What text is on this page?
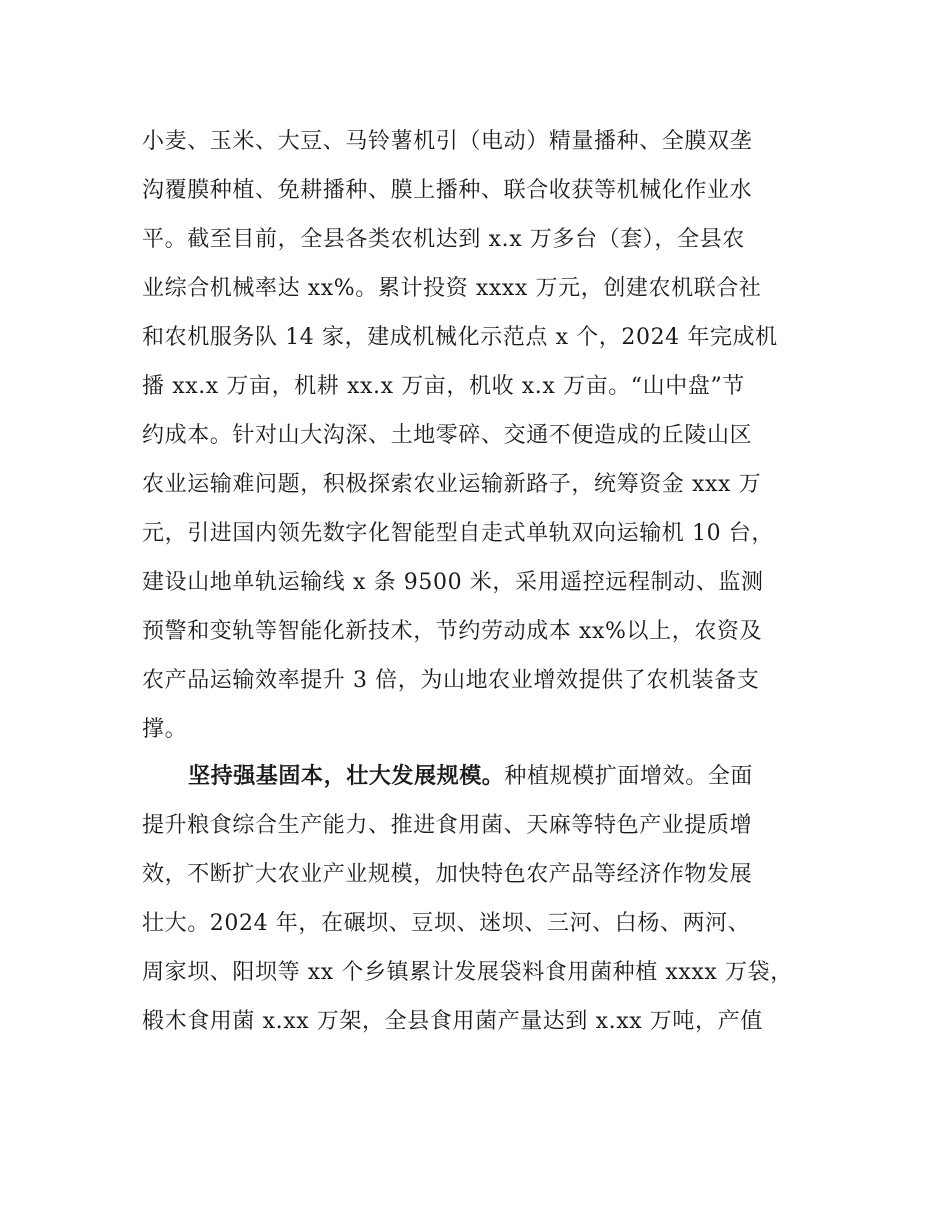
小麦、玉米、大豆、马铃薯机引（电动）精量播种、全膜双垄
沟覆膜种植、免耕播种、膜上播种、联合收获等机械化作业水
平。截至目前，全县各类农机达到 x.x 万多台（套），全县农
业综合机械率达 xx%。累计投资 xxxx 万元，创建农机联合社
和农机服务队 14 家，建成机械化示范点 x 个，2024 年完成机
播 xx.x 万亩，机耕 xx.x 万亩，机收 x.x 万亩。“山中盘”节
约成本。针对山大沟深、土地零碎、交通不便造成的丘陵山区
农业运输难问题，积极探索农业运输新路子，统筹资金 xxx 万
元，引进国内领先数字化智能型自走式单轨双向运输机 10 台，
建设山地单轨运输线 x 条 9500 米，采用遥控远程制动、监测
预警和变轨等智能化新技术，节约劳动成本 xx%以上，农资及
农产品运输效率提升 3 倍，为山地农业增效提供了农机装备支
撑。
坚持强基固本，壮大发展规模。种植规模扩面增效。全面
提升粮食综合生产能力、推进食用菌、天麻等特色产业提质增
效，不断扩大农业产业规模，加快特色农产品等经济作物发展
壮大。2024 年，在碾坝、豆坝、迷坝、三河、白杨、两河、
周家坝、阳坝等 xx 个乡镇累计发展袋料食用菌种植 xxxx 万袋，
椴木食用菌 x.xx 万架，全县食用菌产量达到 x.xx 万吨，产值
